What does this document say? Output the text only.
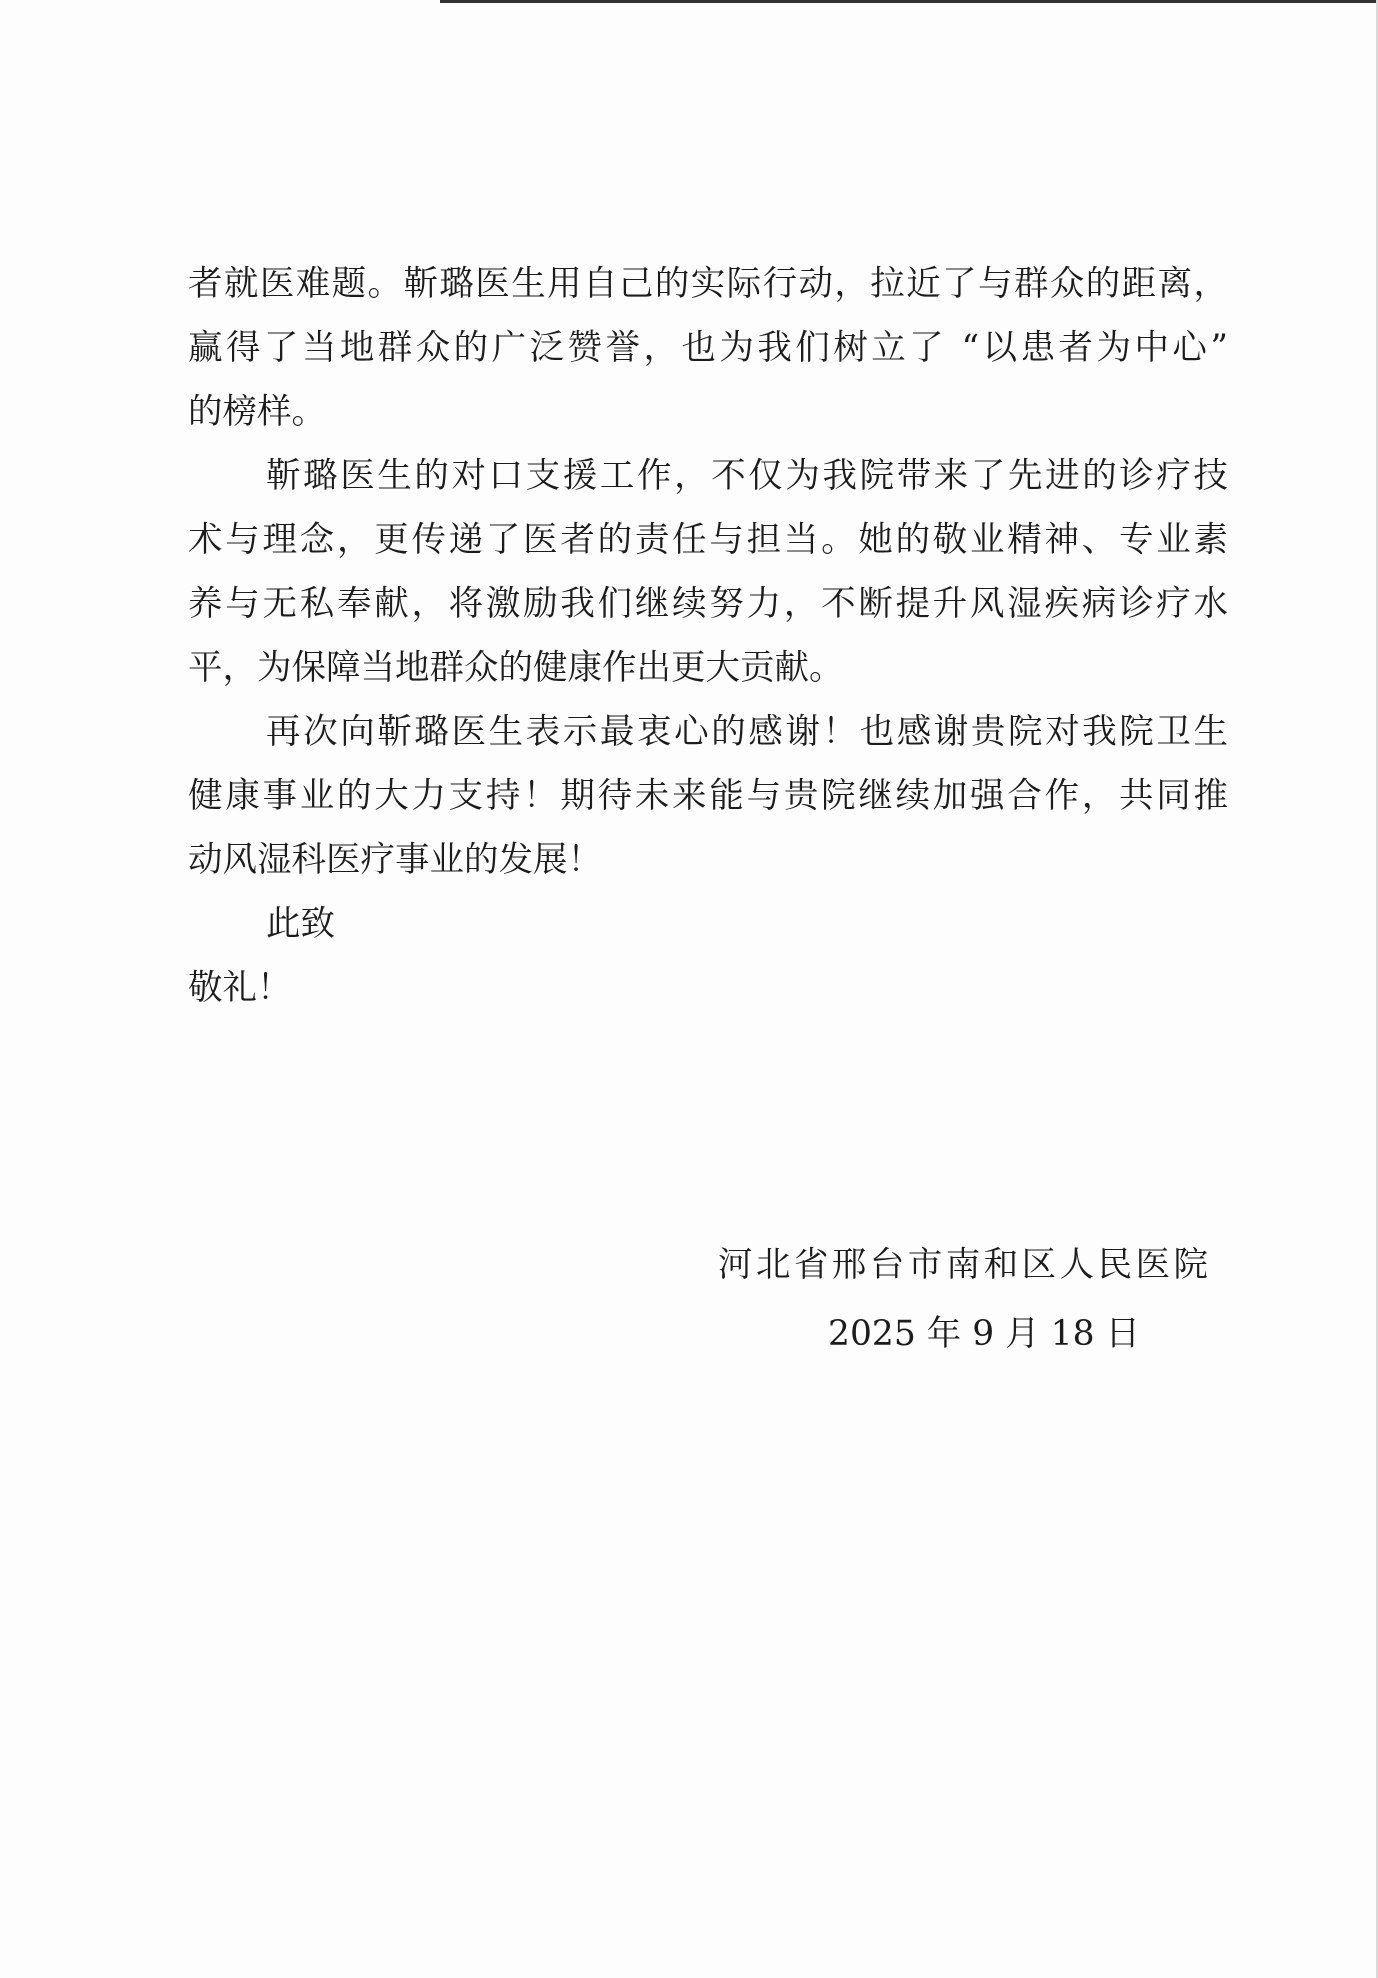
者就医难题。靳璐医生用自己的实际行动，拉近了与群众的距离，
赢得了当地群众的广泛赞誉，也为我们树立了 “以患者为中心”
的榜样。
靳璐医生的对口支援工作，不仅为我院带来了先进的诊疗技
术与理念，更传递了医者的责任与担当。她的敬业精神、专业素
养与无私奉献，将激励我们继续努力，不断提升风湿疾病诊疗水
平，为保障当地群众的健康作出更大贡献。
再次向靳璐医生表示最衷心的感谢！也感谢贵院对我院卫生
健康事业的大力支持！期待未来能与贵院继续加强合作，共同推
动风湿科医疗事业的发展！
此致
敬礼！
河北省邢台市南和区人民医院
2025 年 9 月 18 日
